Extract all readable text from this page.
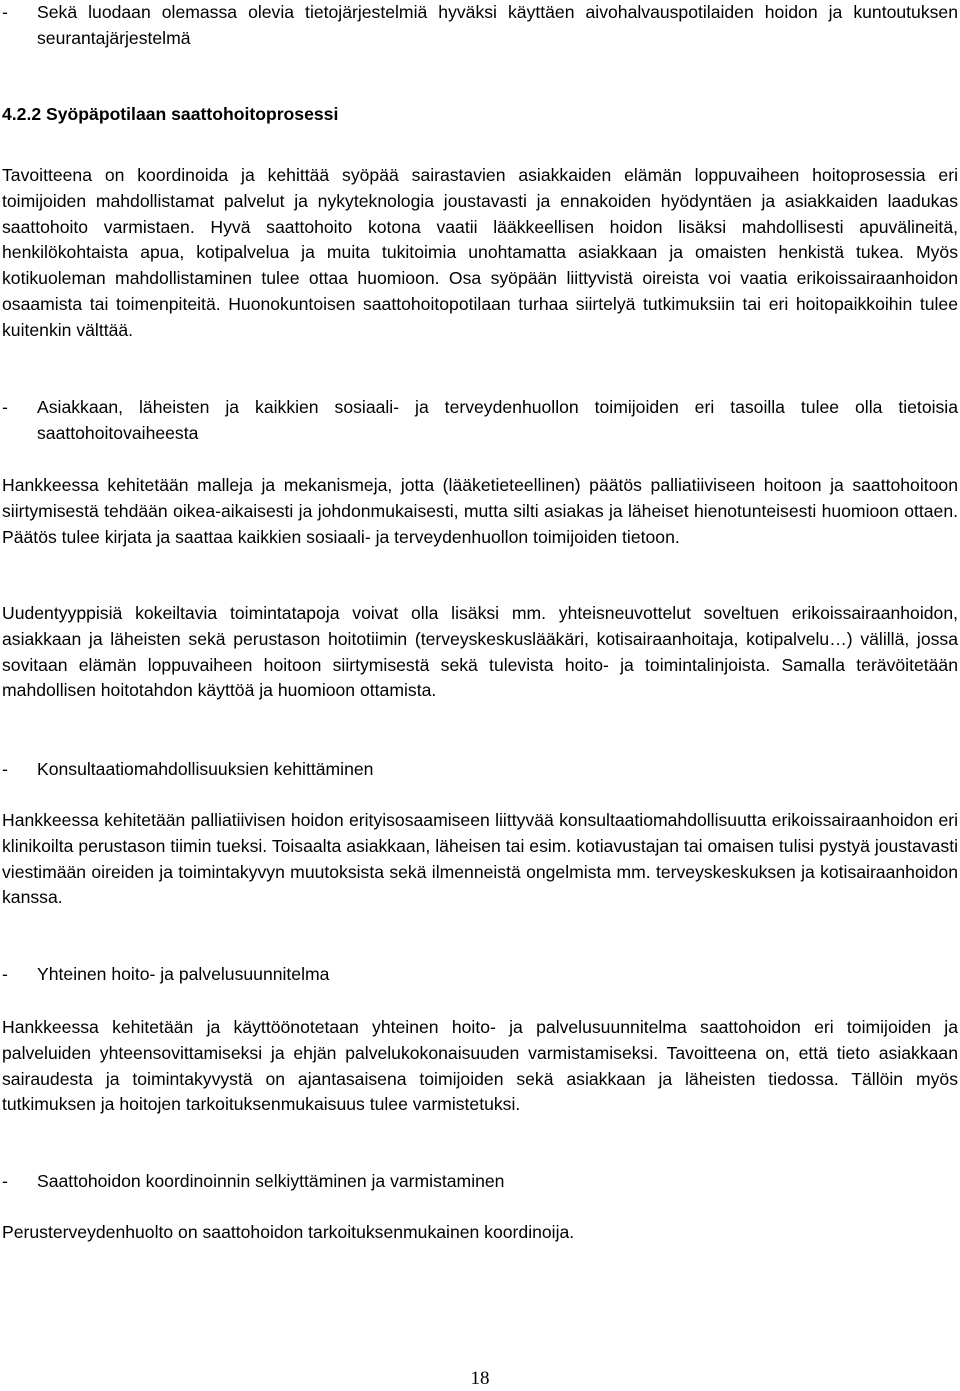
-	Sekä luodaan olemassa olevia tietojärjestelmiä hyväksi käyttäen aivohalvauspotilaiden hoidon ja kuntoutuksen seurantajärjestelmä
4.2.2 Syöpäpotilaan saattohoitoprosessi
Tavoitteena on koordinoida ja kehittää syöpää sairastavien asiakkaiden elämän loppuvaiheen hoitoprosessia eri toimijoiden mahdollistamat palvelut ja nykyteknologia joustavasti ja ennakoiden hyödyntäen ja asiakkaiden laadukas saattohoito varmistaen. Hyvä saattohoito kotona vaatii lääkkeellisen hoidon lisäksi mahdollisesti apuvälineitä, henkilökohtaista apua, kotipalvelua ja muita tukitoimia unohtamatta asiakkaan ja omaisten henkistä tukea. Myös kotikuoleman mahdollistaminen tulee ottaa huomioon. Osa syöpään liittyvistä oireista voi vaatia erikoissairaanhoidon osaamista tai toimenpiteitä. Huonokuntoisen saattohoitopotilaan turhaa siirtelyä tutkimuksiin tai eri hoitopaikkoihin tulee kuitenkin välttää.
-	Asiakkaan, läheisten ja kaikkien sosiaali- ja terveydenhuollon toimijoiden eri tasoilla tulee olla tietoisia saattohoitovaiheesta
Hankkeessa kehitetään malleja ja mekanismeja, jotta (lääketieteellinen) päätös palliatiiviseen hoitoon ja saattohoitoon siirtymisestä tehdään oikea-aikaisesti ja johdonmukaisesti, mutta silti asiakas ja läheiset hienotunteisesti huomioon ottaen. Päätös tulee kirjata ja saattaa kaikkien sosiaali- ja terveydenhuollon toimijoiden tietoon.
Uudentyyppisiä kokeiltavia toimintatapoja voivat olla lisäksi mm. yhteisneuvottelut soveltuen erikoissairaanhoidon, asiakkaan ja läheisten sekä perustason hoitotiimin (terveyskeskuslääkäri, kotisairaanhoitaja, kotipalvelu…) välillä, jossa sovitaan elämän loppuvaiheen hoitoon siirtymisestä sekä tulevista hoito- ja toimintalinjoista. Samalla terävöitetään mahdollisen hoitotahdon käyttöä ja huomioon ottamista.
-	Konsultaatiomahdollisuuksien kehittäminen
Hankkeessa kehitetään palliatiivisen hoidon erityisosaamiseen liittyvää konsultaatiomahdollisuutta erikoissairaanhoidon eri klinikoilta perustason tiimin tueksi. Toisaalta asiakkaan, läheisen tai esim. kotiavustajan tai omaisen tulisi pystyä joustavasti viestimään oireiden ja toimintakyvyn muutoksista sekä ilmenneistä ongelmista mm. terveyskeskuksen ja kotisairaanhoidon kanssa.
-	Yhteinen hoito- ja palvelusuunnitelma
Hankkeessa kehitetään ja käyttöönotetaan yhteinen hoito- ja palvelusuunnitelma saattohoidon eri toimijoiden ja palveluiden yhteensovittamiseksi ja ehjän palvelukokonaisuuden varmistamiseksi. Tavoitteena on, että tieto asiakkaan sairaudesta ja toimintakyvystä on ajantasaisena toimijoiden sekä asiakkaan ja läheisten tiedossa. Tällöin myös tutkimuksen ja hoitojen tarkoituksenmukaisuus tulee varmistetuksi.
-	Saattohoidon koordinoinnin selkiyttäminen ja varmistaminen
Perusterveydenhuolto on saattohoidon tarkoituksenmukainen koordinoija.
18
